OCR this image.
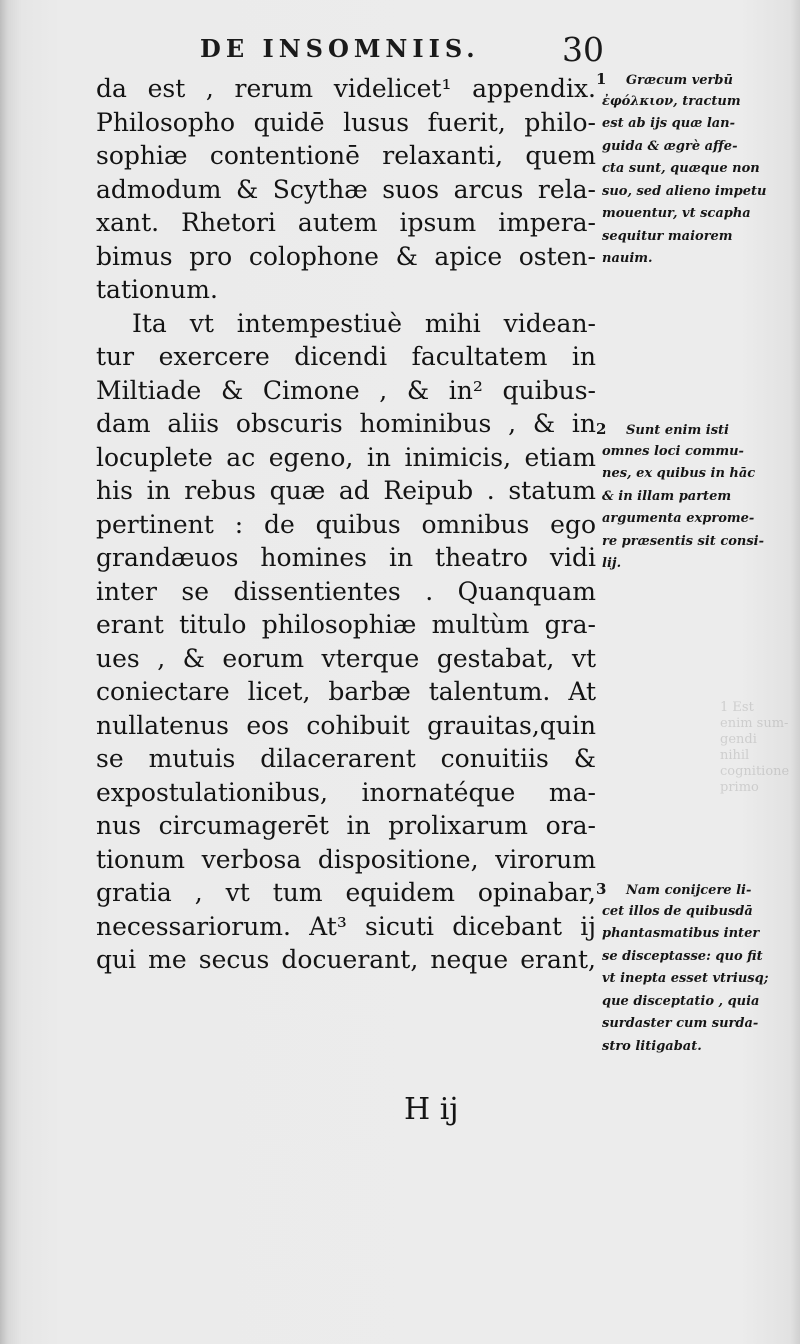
1 Est enim sum-
gendi nihil
cognitione primo
DE INSOMNIIS. 30
da est , rerum videlicet¹ appendix.
Philosopho quidē lusus fuerit, philo-
sophiæ contentionē relaxanti, quem
admodum & Scythæ suos arcus rela-
xant. Rhetori autem ipsum impera-
bimus pro colophone & apice osten-
tationum.
Ita vt intempestiuè mihi videan-
tur exercere dicendi facultatem in
Miltiade & Cimone , & in² quibus-
dam aliis obscuris hominibus , & in
locuplete ac egeno, in inimicis, etiam
his in rebus quæ ad Reipub . statum
pertinent : de quibus omnibus ego
grandæuos homines in theatro vidi
inter se dissentientes . Quanquam
erant titulo philosophiæ multùm gra-
ues , & eorum vterque gestabat, vt
coniectare licet, barbæ talentum. At
nullatenus eos cohibuit grauitas,quin
se mutuis dilacerarent conuitiis &
expostulationibus, inornatéque ma-
nus circumagerēt in prolixarum ora-
tionum verbosa dispositione, virorum
gratia , vt tum equidem opinabar,
necessariorum. At³ sicuti dicebant ij
qui me secus docuerant, neque erant,
1 Græcum verbū
ἐφόλκιον, tractum
est ab ijs quæ lan-
guida & ægrè affe-
cta sunt, quæque non
suo, sed alieno impetu
mouentur, vt scapha
sequitur maiorem
nauim.
2 Sunt enim isti
omnes loci commu-
nes, ex quibus in hāc
& in illam partem
argumenta exprome-
re præsentis sit consi-
lij.
3 Nam conijcere li-
cet illos de quibusdā
phantasmatibus inter
se disceptasse: quo fit
vt inepta esset vtriusq;
que disceptatio , quia
surdaster cum surda-
stro litigabat.
H ij
